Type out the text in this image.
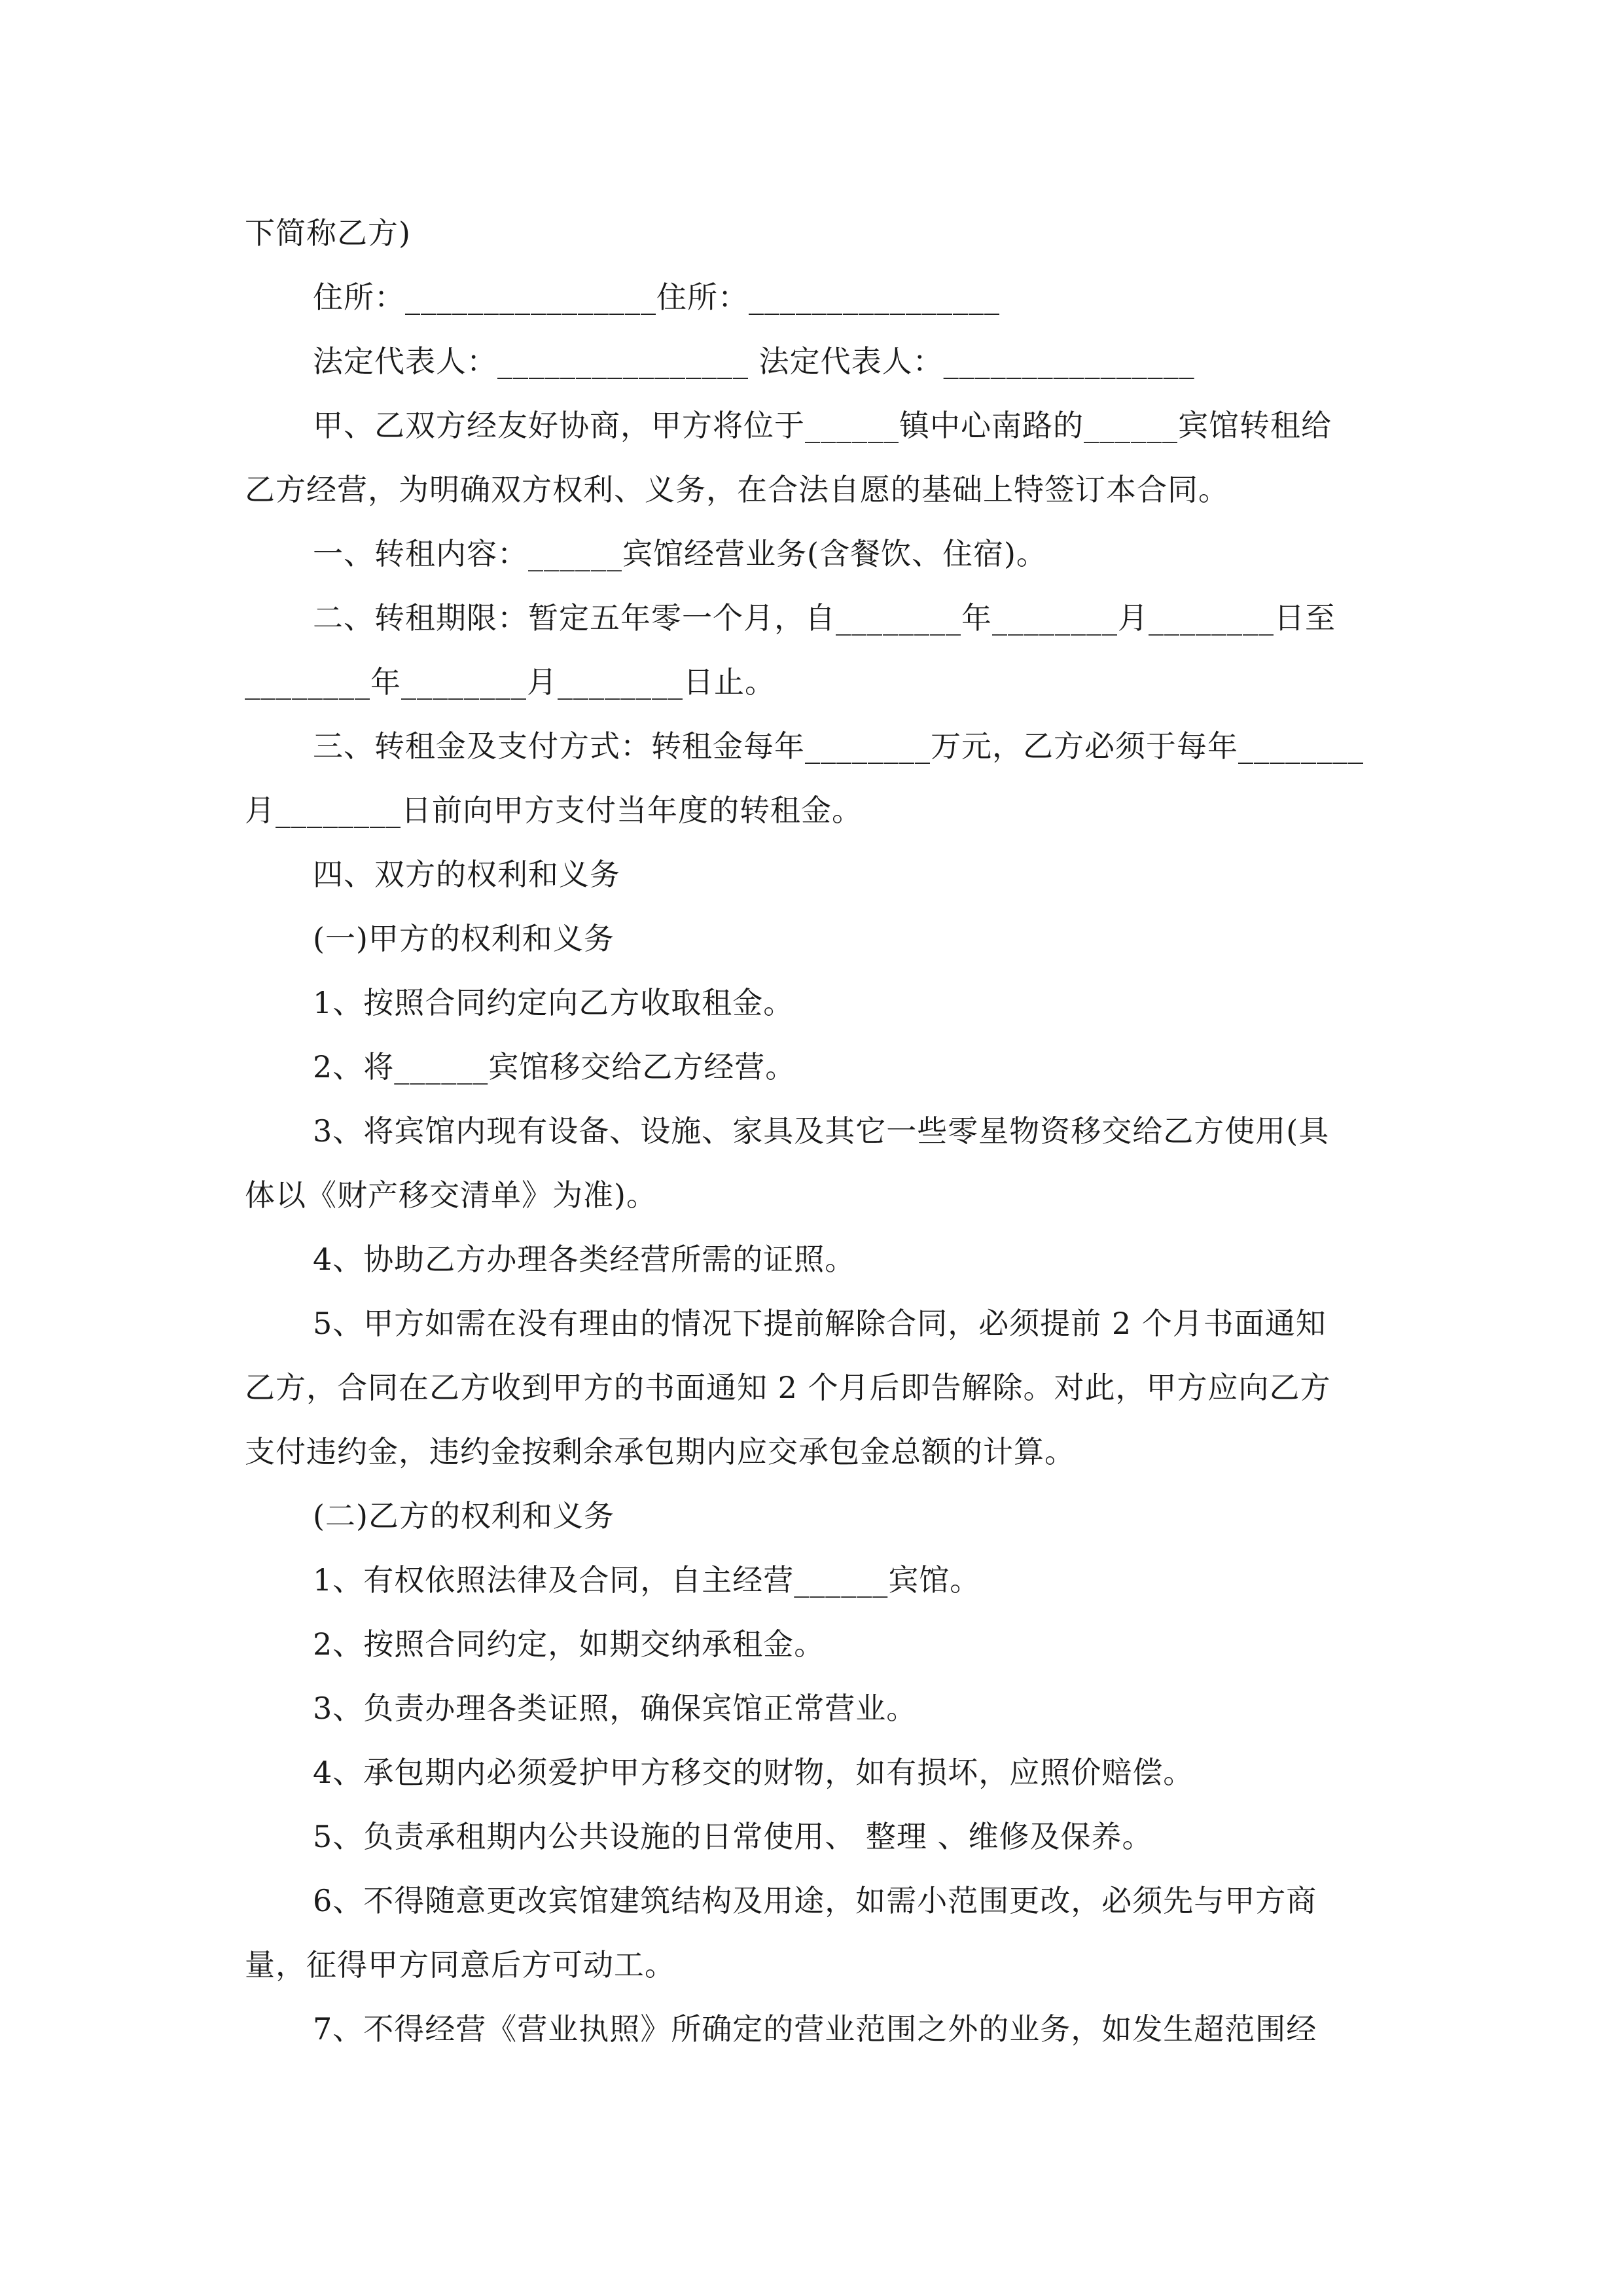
下简称乙方)
住所：________________住所：________________
法定代表人：________________ 法定代表人：________________
甲、乙双方经友好协商，甲方将位于______镇中心南路的______宾馆转租给
乙方经营，为明确双方权利、义务，在合法自愿的基础上特签订本合同。
一、转租内容：______宾馆经营业务(含餐饮、住宿)。
二、转租期限：暂定五年零一个月，自________年________月________日至
________年________月________日止。
三、转租金及支付方式：转租金每年________万元，乙方必须于每年________
月________日前向甲方支付当年度的转租金。
四、双方的权利和义务
(一)甲方的权利和义务
1、按照合同约定向乙方收取租金。
2、将______宾馆移交给乙方经营。
3、将宾馆内现有设备、设施、家具及其它一些零星物资移交给乙方使用(具
体以《财产移交清单》为准)。
4、协助乙方办理各类经营所需的证照。
5、甲方如需在没有理由的情况下提前解除合同，必须提前 2 个月书面通知
乙方，合同在乙方收到甲方的书面通知 2 个月后即告解除。对此，甲方应向乙方
支付违约金，违约金按剩余承包期内应交承包金总额的计算。
(二)乙方的权利和义务
1、有权依照法律及合同，自主经营______宾馆。
2、按照合同约定，如期交纳承租金。
3、负责办理各类证照，确保宾馆正常营业。
4、承包期内必须爱护甲方移交的财物，如有损坏，应照价赔偿。
5、负责承租期内公共设施的日常使用、 整理 、维修及保养。
6、不得随意更改宾馆建筑结构及用途，如需小范围更改，必须先与甲方商
量，征得甲方同意后方可动工。
7、不得经营《营业执照》所确定的营业范围之外的业务，如发生超范围经
